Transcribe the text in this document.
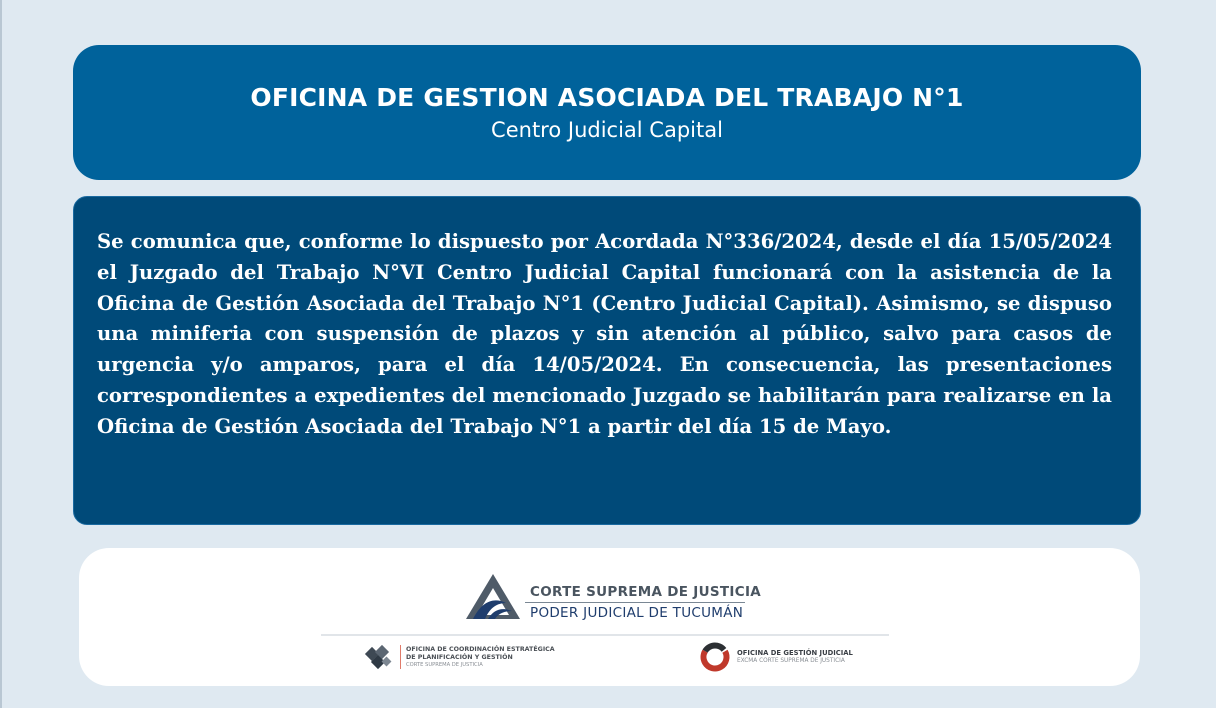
OFICINA DE GESTION ASOCIADA DEL TRABAJO N°1
Centro Judicial Capital

Se comunica que, conforme lo dispuesto por Acordada N°336/2024, desde el día 15/05/2024 el Juzgado del Trabajo N°VI Centro Judicial Capital funcionará con la asistencia de la Oficina de Gestión Asociada del Trabajo N°1 (Centro Judicial Capital). Asimismo, se dispuso una miniferia con suspensión de plazos y sin atención al público, salvo para casos de urgencia y/o amparos, para el día 14/05/2024. En consecuencia, las presentaciones correspondientes a expedientes del mencionado Juzgado se habilitarán para realizarse en la Oficina de Gestión Asociada del Trabajo N°1 a partir del día 15 de Mayo.

CORTE SUPREMA DE JUSTICIA
PODER JUDICIAL DE TUCUMÁN
OFICINA DE COORDINACIÓN ESTRATÉGICA
DE PLANIFICACIÓN Y GESTIÓN
CORTE SUPREMA DE JUSTICIA
OFICINA DE GESTIÓN JUDICIAL
EXCMA CORTE SUPREMA DE JUSTICIA
